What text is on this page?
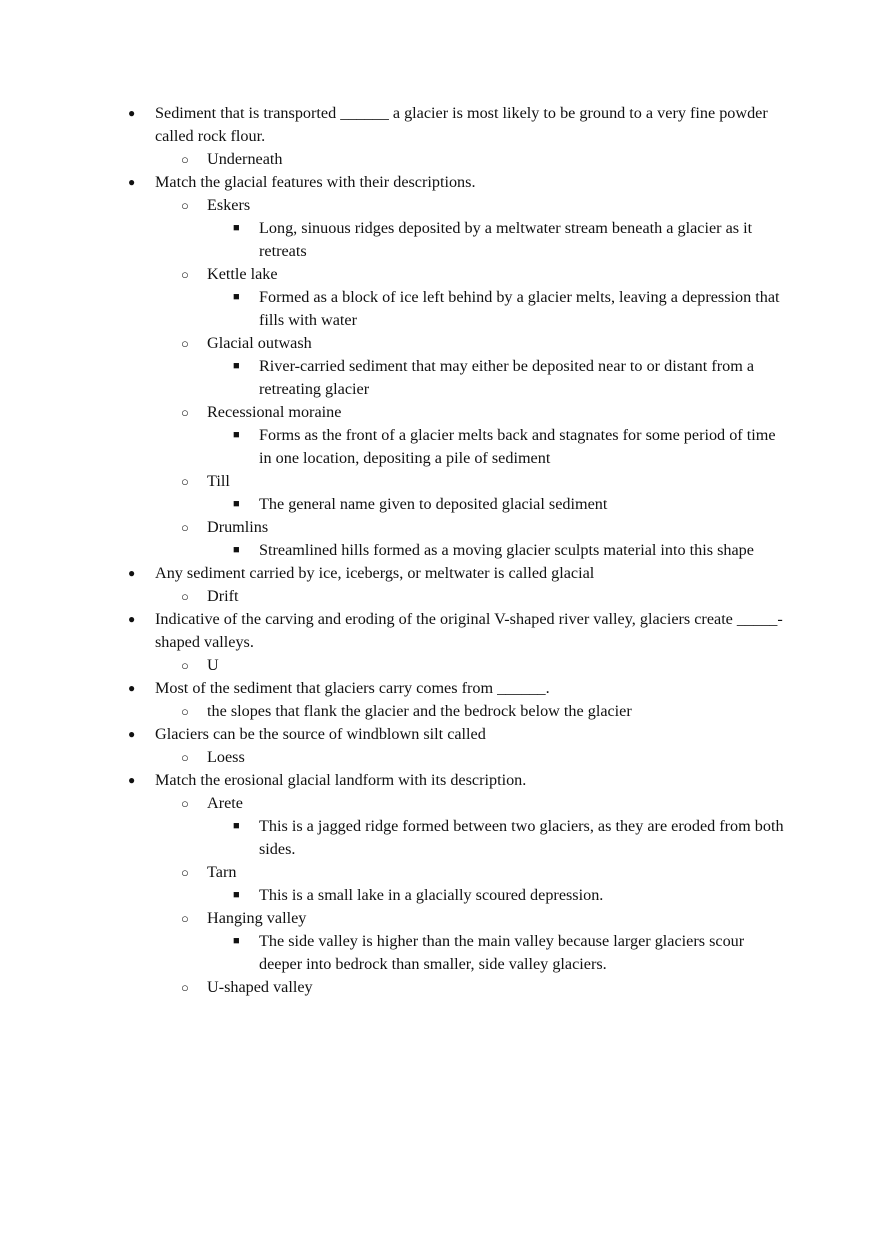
● Sediment that is transported ______ a glacier is most likely to be ground to a very fine powder called rock flour.
○ Underneath
● Match the glacial features with their descriptions.
○ Eskers
■ Long, sinuous ridges deposited by a meltwater stream beneath a glacier as it retreats
○ Kettle lake
■ Formed as a block of ice left behind by a glacier melts, leaving a depression that fills with water
○ Glacial outwash
■ River-carried sediment that may either be deposited near to or distant from a retreating glacier
○ Recessional moraine
■ Forms as the front of a glacier melts back and stagnates for some period of time in one location, depositing a pile of sediment
○ Till
■ The general name given to deposited glacial sediment
○ Drumlins
■ Streamlined hills formed as a moving glacier sculpts material into this shape
● Any sediment carried by ice, icebergs, or meltwater is called glacial
○ Drift
● Indicative of the carving and eroding of the original V-shaped river valley, glaciers create _____-shaped valleys.
○ U
● Most of the sediment that glaciers carry comes from ______.
○ the slopes that flank the glacier and the bedrock below the glacier
● Glaciers can be the source of windblown silt called
○ Loess
● Match the erosional glacial landform with its description.
○ Arete
■ This is a jagged ridge formed between two glaciers, as they are eroded from both sides.
○ Tarn
■ This is a small lake in a glacially scoured depression.
○ Hanging valley
■ The side valley is higher than the main valley because larger glaciers scour deeper into bedrock than smaller, side valley glaciers.
○ U-shaped valley
